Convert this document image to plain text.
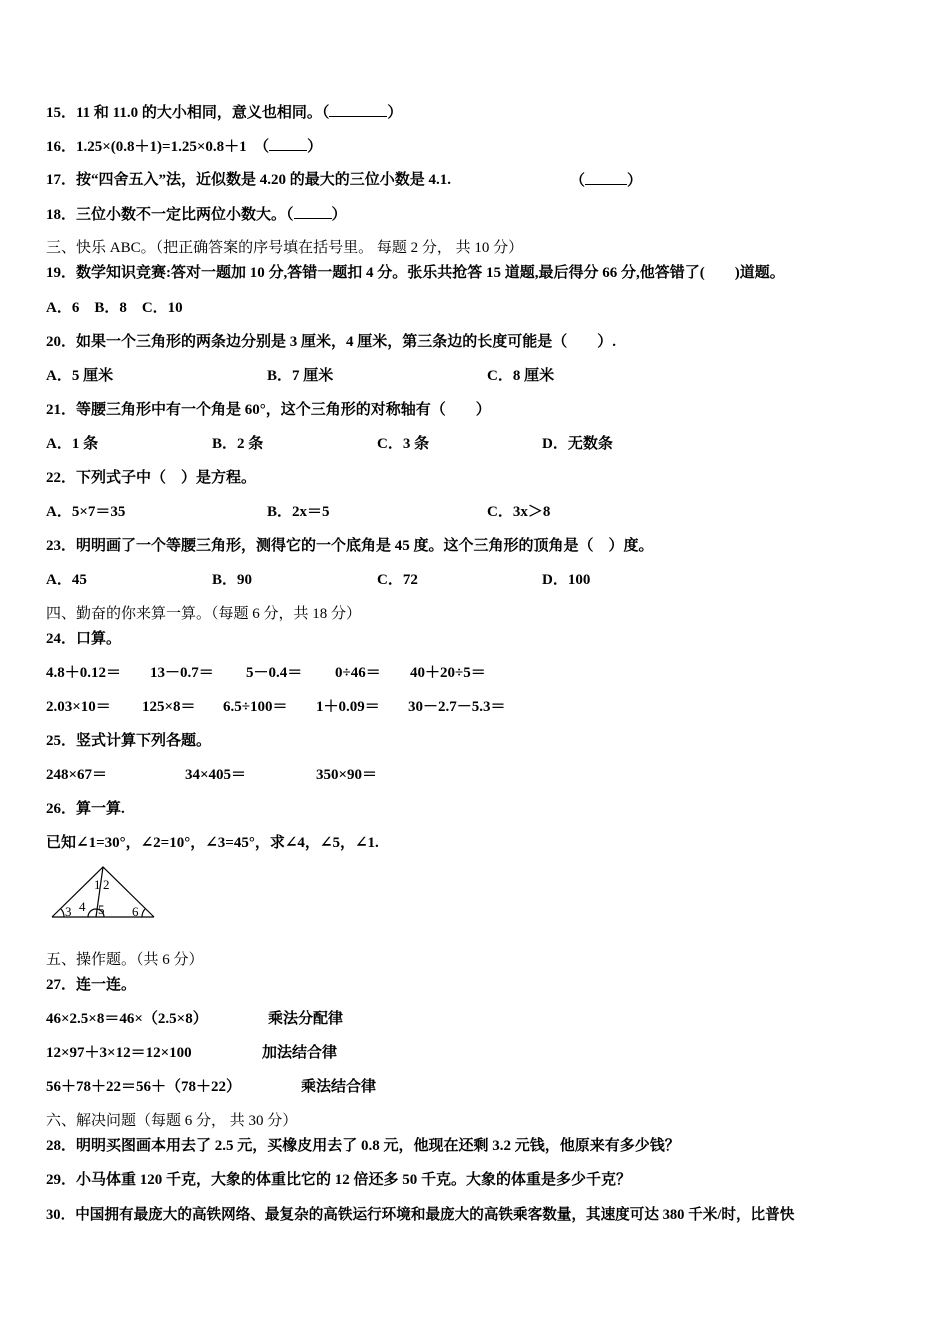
15．11 和 11.0 的大小相同，意义也相同。（	）
16．1.25×(0.8＋1)=1.25×0.8＋1　（	）
17．按“四舍五入”法，近似数是 4.20 的最大的三位小数是 4.1.	（	）
18．三位小数不一定比两位小数大。（	）
三、快乐 ABC。（把正确答案的序号填在括号里。 每题 2 分， 共 10 分）
19．数学知识竞赛:答对一题加 10 分,答错一题扣 4 分。张乐共抢答 15 道题,最后得分 66 分,他答错了(　　)道题。
A．6　B．8　C．10
20．如果一个三角形的两条边分别是 3 厘米，4 厘米，第三条边的长度可能是（　　）.
A．5 厘米	B．7 厘米	C．8 厘米
21．等腰三角形中有一个角是 60°，这个三角形的对称轴有（　　）
A．1 条	B．2 条	C．3 条	D．无数条
22．下列式子中（　）是方程。
A．5×7＝35	B．2x＝5	C．3x＞8
23．明明画了一个等腰三角形，测得它的一个底角是 45 度。这个三角形的顶角是（　）度。
A．45	B．90	C．72	D．100
四、勤奋的你来算一算。（每题 6 分，共 18 分）
24．口算。
4.8＋0.12＝ 13－0.7＝ 5－0.4＝ 0÷46＝ 40＋20÷5＝
2.03×10＝ 125×8＝ 6.5÷100＝ 1＋0.09＝ 30－2.7－5.3＝
25．竖式计算下列各题。
248×67＝	34×405＝	350×90＝
26．算一算.
已知∠1=30°，∠2=10°，∠3=45°，求∠4，∠5，∠1.
1 2
3 4 5 6
五、操作题。（共 6 分）
27．连一连。
46×2.5×8＝46×（2.5×8）	乘法分配律
12×97＋3×12＝12×100	加法结合律
56＋78＋22＝56＋（78＋22）	乘法结合律
六、解决问题（每题 6 分， 共 30 分）
28．明明买图画本用去了 2.5 元，买橡皮用去了 0.8 元，他现在还剩 3.2 元钱，他原来有多少钱？
29．小马体重 120 千克，大象的体重比它的 12 倍还多 50 千克。大象的体重是多少千克？
30．中国拥有最庞大的高铁网络、最复杂的高铁运行环境和最庞大的高铁乘客数量，其速度可达 380 千米/时，比普快
